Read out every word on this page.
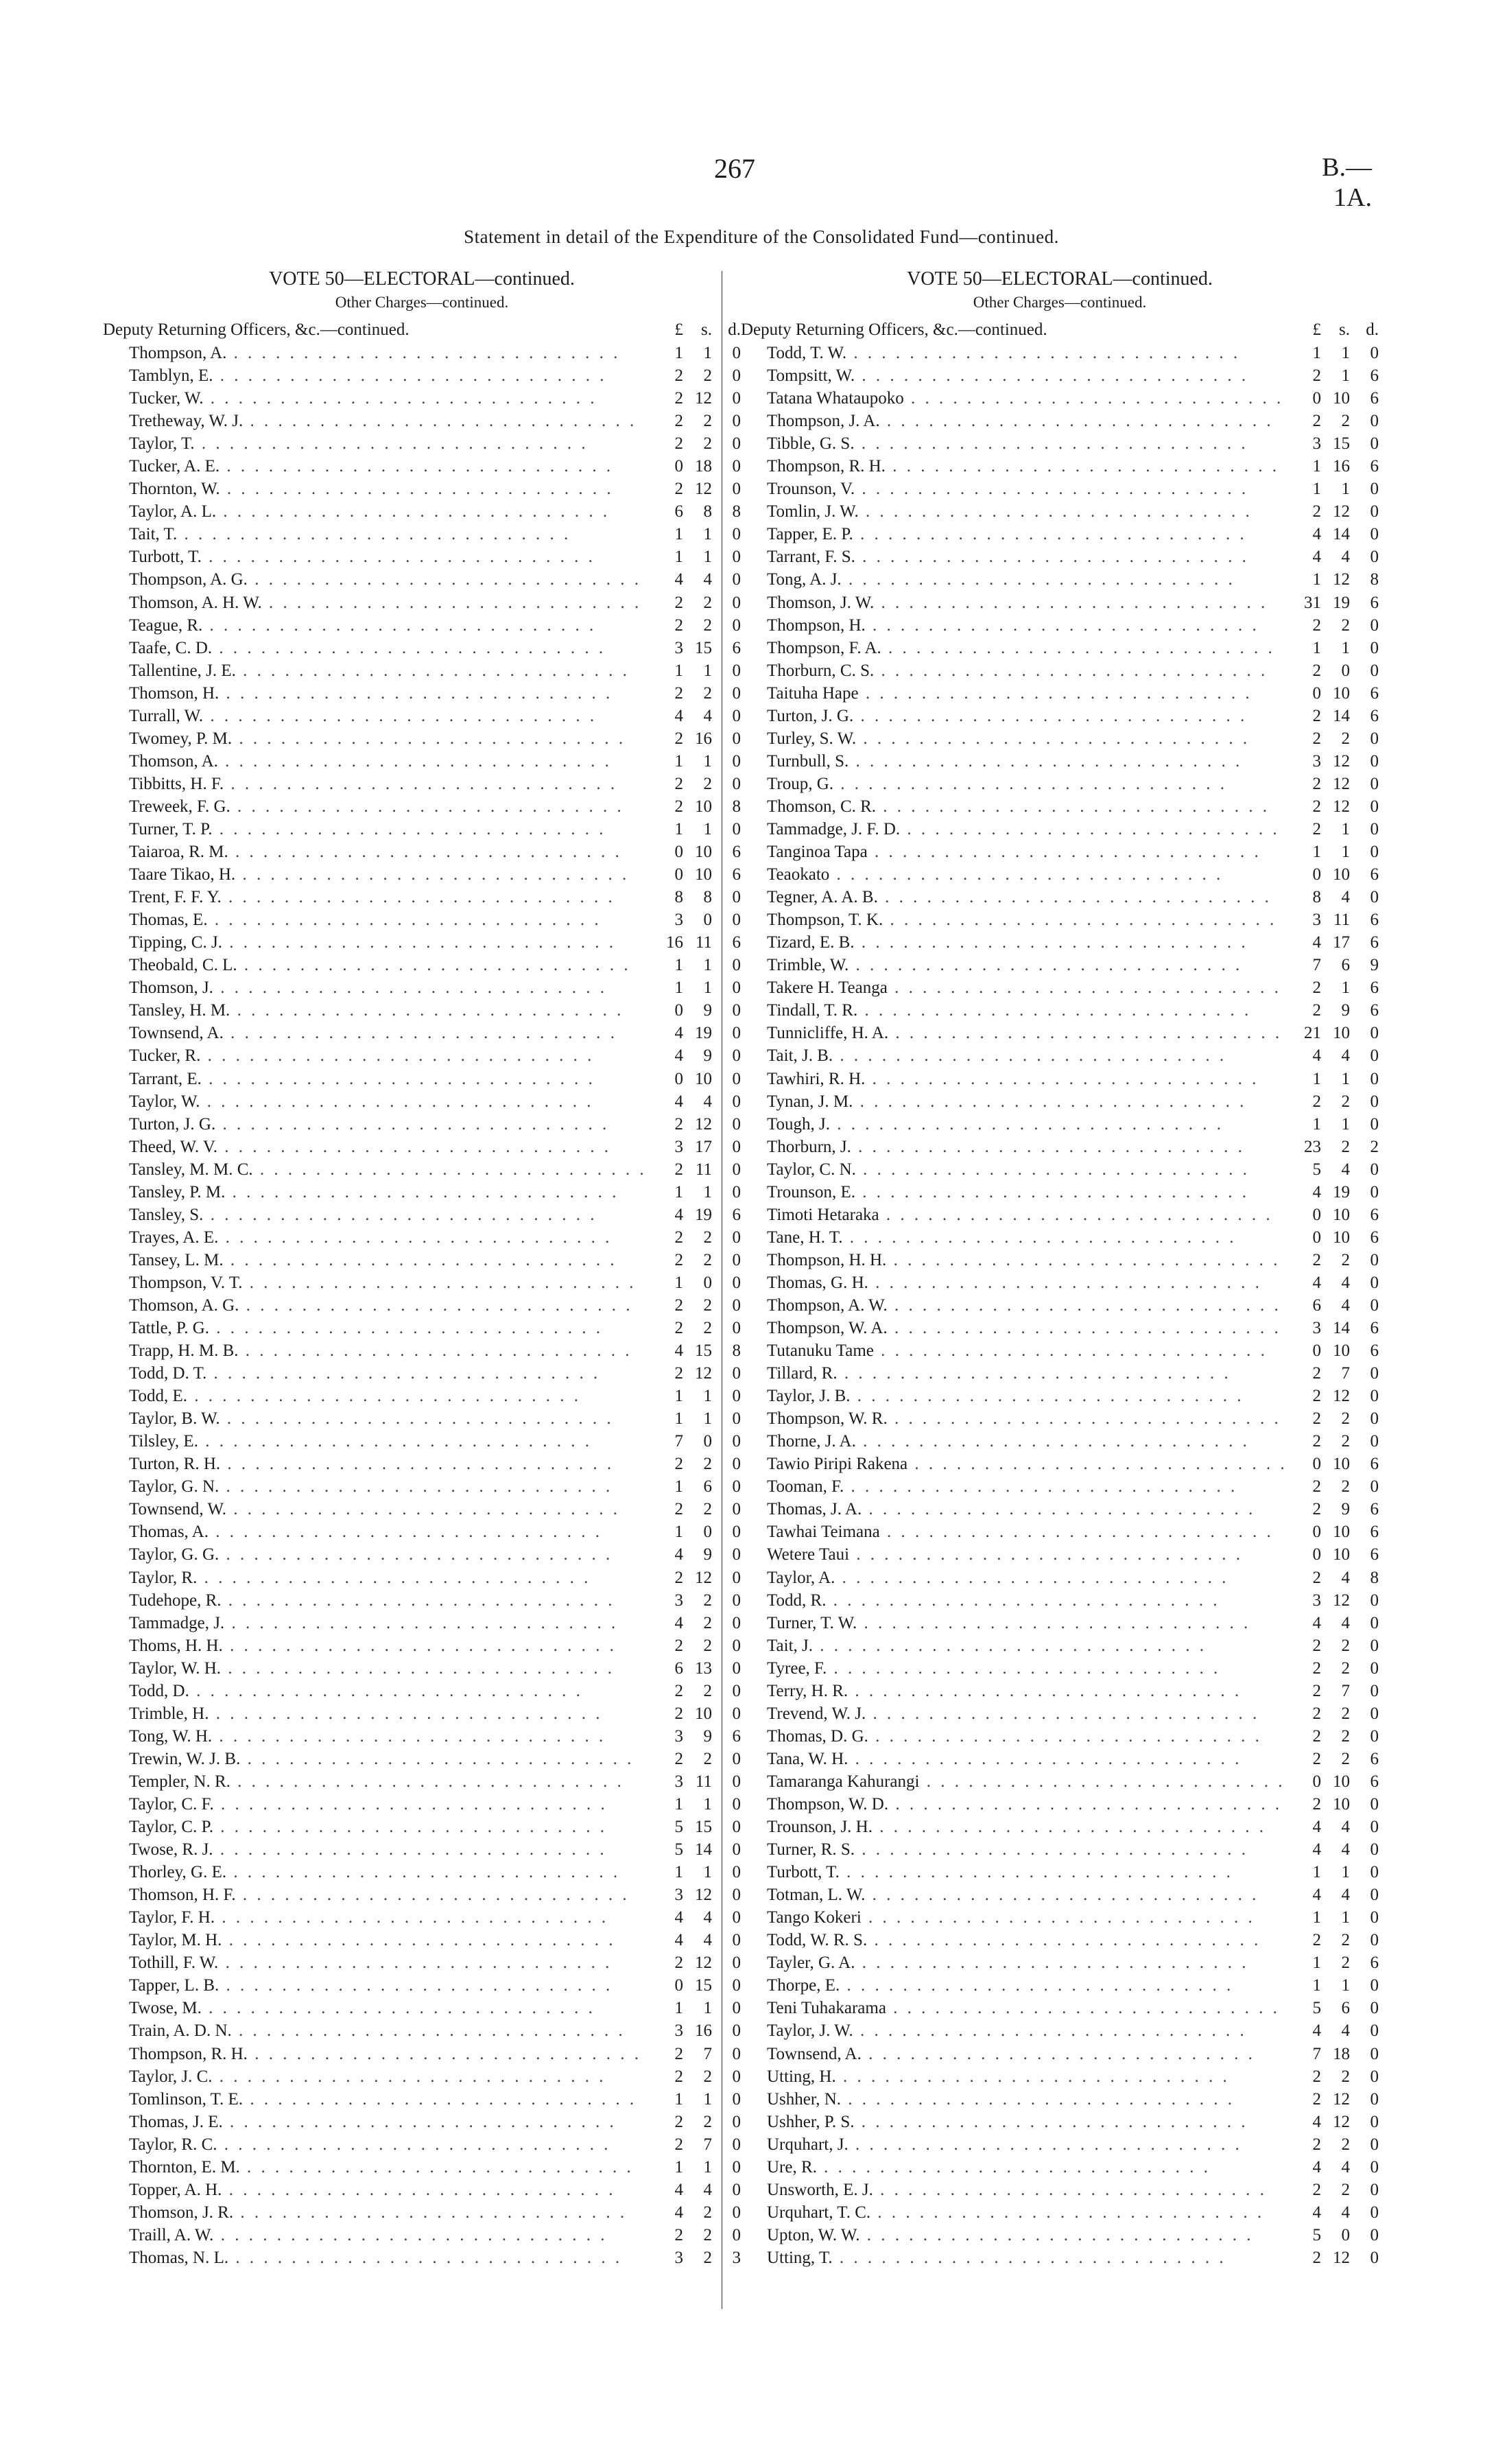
267	B.—1A.
Statement in detail of the Expenditure of the Consolidated Fund—continued.
VOTE 50—ELECTORAL—continued.
Other Charges—continued.
Deputy Returning Officers, &c.—continued.	£	s. d.
Thompson, A. . .	1	1	0
Tamblyn, E. . .	2	2	0
Tucker, W. . .	2 12	0
Tretheway, W. J. . .	2	2	0
Taylor, T. . .	2	2	0
Tucker, A. E. . .	0 18	0
Thornton, W. . .	2 12	0
Taylor, A. L. . .	6	8	8
Tait, T. . .	1	1	0
Turbott, T. . .	1	1	0
Thompson, A. G. . .	4	4	0
Thomson, A. H. W. . .	2	2	0
Teague, R. . .	2	2	0
Taafe, C. D. . .	3 15	6
Tallentine, J. E. . .	1	1	0
Thomson, H. . .	2	2	0
Turrall, W. . .	4	4	0
Twomey, P. M. . .	2 16	0
Thomson, A. . .	1	1	0
Tibbitts, H. F. . .	2	2	0
Treweek, F. G. . .	2 10	8
Turner, T. P. . .	1	1	0
Taiaroa, R. M. . .	0 10	6
Taare Tikao, H. . .	0 10	6
Trent, F. F. Y. . .	8	8	0
Thomas, E. . .	3	0	0
Tipping, C. J. . .	16 11	6
Theobald, C. L. . .	1	1	0
Thomson, J. . .	1	1	0
Tansley, H. M. . .	0	9	0
Townsend, A. . .	4 19	0
Tucker, R. . .	4	9	0
Tarrant, E. . .	0 10	0
Taylor, W. . .	4	4	0
Turton, J. G. . .	2 12	0
Theed, W. V. . .	3 17	0
Tansley, M. M. C. . .	2 11	0
Tansley, P. M. . .	1	1	0
Tansley, S. . .	4 19	6
Trayes, A. E. . .	2	2	0
Tansey, L. M. . .	2	2	0
Thompson, V. T. . .	1	0	0
Thomson, A. G. . .	2	2	0
Tattle, P. G. . .	2	2	0
Trapp, H. M. B. . .	4 15	8
Todd, D. T. . .	2 12	0
Todd, E. . .	1	1	0
Taylor, B. W. . .	1	1	0
Tilsley, E. . .	7	0	0
Turton, R. H. . .	2	2	0
Taylor, G. N. . .	1	6	0
Townsend, W. . .	2	2	0
Thomas, A. . .	1	0	0
Taylor, G. G. . .	4	9	0
Taylor, R. . .	2 12	0
Tudehope, R. . .	3	2	0
Tammadge, J. . .	4	2	0
Thoms, H. H. . .	2	2	0
Taylor, W. H. . .	6 13	0
Todd, D. . .	2	2	0
Trimble, H. . .	2 10	0
Tong, W. H. . .	3	9	6
Trewin, W. J. B. . .	2	2	0
Templer, N. R. . .	3 11	0
Taylor, C. F. . .	1	1	0
Taylor, C. P. . .	5 15	0
Twose, R. J. . .	5 14	0
Thorley, G. E. . .	1	1	0
Thomson, H. F. . .	3 12	0
Taylor, F. H. . .	4	4	0
Taylor, M. H. . .	4	4	0
Tothill, F. W. . .	2 12	0
Tapper, L. B. . .	0 15	0
Twose, M. . .	1	1	0
Train, A. D. N. . .	3 16	0
Thompson, R. H. . .	2	7	0
Taylor, J. C. . .	2	2	0
Tomlinson, T. E. . .	1	1	0
Thomas, J. E. . .	2	2	0
Taylor, R. C. . .	2	7	0
Thornton, E. M. . .	1	1	0
Topper, A. H. . .	4	4	0
Thomson, J. R. . .	4	2	0
Traill, A. W. . .	2	2	0
Thomas, N. L. . .	3	2	3
VOTE 50—ELECTORAL—continued.
Other Charges—continued.
Deputy Returning Officers, &c.—continued.	£	s. d.
Todd, T. W. . .	1	1	0
Tompsitt, W. . .	2	1	6
Tatana Whataupoko . .	0 10	6
Thompson, J. A. . .	2	2	0
Tibble, G. S. . .	3 15	0
Thompson, R. H. . .	1 16	6
Trounson, V. . .	1	1	0
Tomlin, J. W. . .	2 12	0
Tapper, E. P. . .	4 14	0
Tarrant, F. S. . .	4	4	0
Tong, A. J. . .	1 12	8
Thomson, J. W. . .	31 19	6
Thompson, H. . .	2	2	0
Thompson, F. A. . .	1	1	0
Thorburn, C. S. . .	2	0	0
Taituha Hape . .	0 10	6
Turton, J. G. . .	2 14	6
Turley, S. W. . .	2	2	0
Turnbull, S. . .	3 12	0
Troup, G. . .	2 12	0
Thomson, C. R. . .	2 12	0
Tammadge, J. F. D. . .	2	1	0
Tanginoa Tapa . .	1	1	0
Teaokato . .	0 10	6
Tegner, A. A. B. . .	8	4	0
Thompson, T. K. . .	3 11	6
Tizard, E. B. . .	4 17	6
Trimble, W. . .	7	6	9
Takere H. Teanga . .	2	1	6
Tindall, T. R. . .	2	9	6
Tunnicliffe, H. A. . .	21 10	0
Tait, J. B. . .	4	4	0
Tawhiri, R. H. . .	1	1	0
Tynan, J. M. . .	2	2	0
Tough, J. . .	1	1	0
Thorburn, J. . .	23	2	2
Taylor, C. N. . .	5	4	0
Trounson, E. . .	4 19	0
Timoti Hetaraka . .	0 10	6
Tane, H. T. . .	0 10	6
Thompson, H. H. . .	2	2	0
Thomas, G. H. . .	4	4	0
Thompson, A. W. . .	6	4	0
Thompson, W. A. . .	3 14	6
Tutanuku Tame . .	0 10	6
Tillard, R. . .	2	7	0
Taylor, J. B. . .	2 12	0
Thompson, W. R. . .	2	2	0
Thorne, J. A. . .	2	2	0
Tawio Piripi Rakena . .	0 10	6
Tooman, F. . .	2	2	0
Thomas, J. A. . .	2	9	6
Tawhai Teimana . .	0 10	6
Wetere Taui . .	0 10	6
Taylor, A. . .	2	4	8
Todd, R. . .	3 12	0
Turner, T. W. . .	4	4	0
Tait, J. . .	2	2	0
Tyree, F. . .	2	2	0
Terry, H. R. . .	2	7	0
Trevend, W. J. . .	2	2	0
Thomas, D. G. . .	2	2	0
Tana, W. H. . .	2	2	6
Tamaranga Kahurangi . .	0 10	6
Thompson, W. D. . .	2 10	0
Trounson, J. H. . .	4	4	0
Turner, R. S. . .	4	4	0
Turbott, T. . .	1	1	0
Totman, L. W. . .	4	4	0
Tango Kokeri . .	1	1	0
Todd, W. R. S. . .	2	2	0
Tayler, G. A. . .	1	2	6
Thorpe, E. . .	1	1	0
Teni Tuhakarama . .	5	6	0
Taylor, J. W. . .	4	4	0
Townsend, A. . .	7 18	0
Utting, H. . .	2	2	0
Ushher, N. . .	2 12	0
Ushher, P. S. . .	4 12	0
Urquhart, J. . .	2	2	0
Ure, R. . .	4	4	0
Unsworth, E. J. . .	2	2	0
Urquhart, T. C. . .	4	4	0
Upton, W. W. . .	5	0	0
Utting, T. . .	2 12	0
